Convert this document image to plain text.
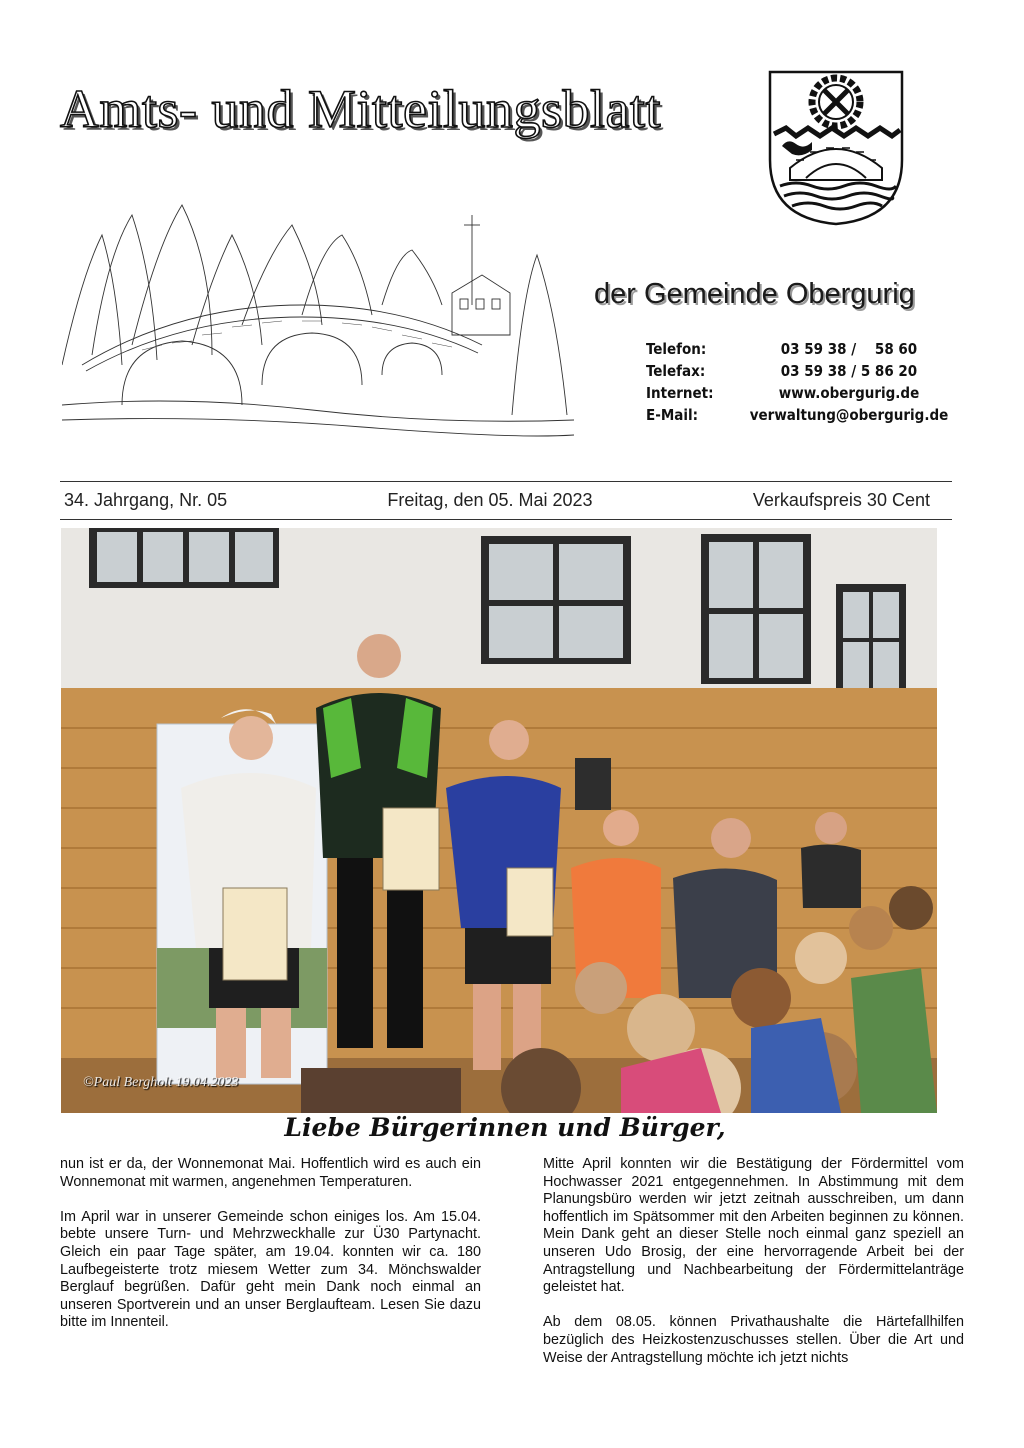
Amts- und Mitteilungsblatt
der Gemeinde Obergurig
Telefon:	03 59 38 /    58 60
Telefax:	03 59 38 / 5 86 20
Internet:	www.obergurig.de
E-Mail:	verwaltung@obergurig.de
34. Jahrgang, Nr. 05	Freitag, den 05. Mai 2023	Verkaufspreis 30 Cent
©Paul Bergholt 19.04.2023
Liebe Bürgerinnen und Bürger,

nun ist er da, der Wonnemonat Mai. Hoffentlich wird es auch ein Wonnemonat mit warmen, angenehmen Temperaturen.

Im April war in unserer Gemeinde schon einiges los. Am 15.04. bebte unsere Turn- und Mehrzweckhalle zur Ü30 Partynacht. Gleich ein paar Tage später, am 19.04. konnten wir ca. 180 Laufbegeisterte trotz miesem Wetter zum 34. Mönchswalder Berglauf begrüßen. Dafür geht mein Dank noch einmal an unseren Sportverein und an unser Berglaufteam. Lesen Sie dazu bitte im Innenteil.

Mitte April konnten wir die Bestätigung der Fördermittel vom Hochwasser 2021 entgegennehmen. In Abstimmung mit dem Planungsbüro werden wir jetzt zeitnah ausschreiben, um dann hoffentlich im Spätsommer mit den Arbeiten beginnen zu können. Mein Dank geht an dieser Stelle noch einmal ganz speziell an unseren Udo Brosig, der eine hervorragende Arbeit bei der Antragstellung und Nachbearbeitung der Fördermittelanträge geleistet hat.

Ab dem 08.05. können Privathaushalte die Härtefallhilfen bezüglich des Heizkostenzuschusses stellen. Über die Art und Weise der Antragstellung möchte ich jetzt nichts
